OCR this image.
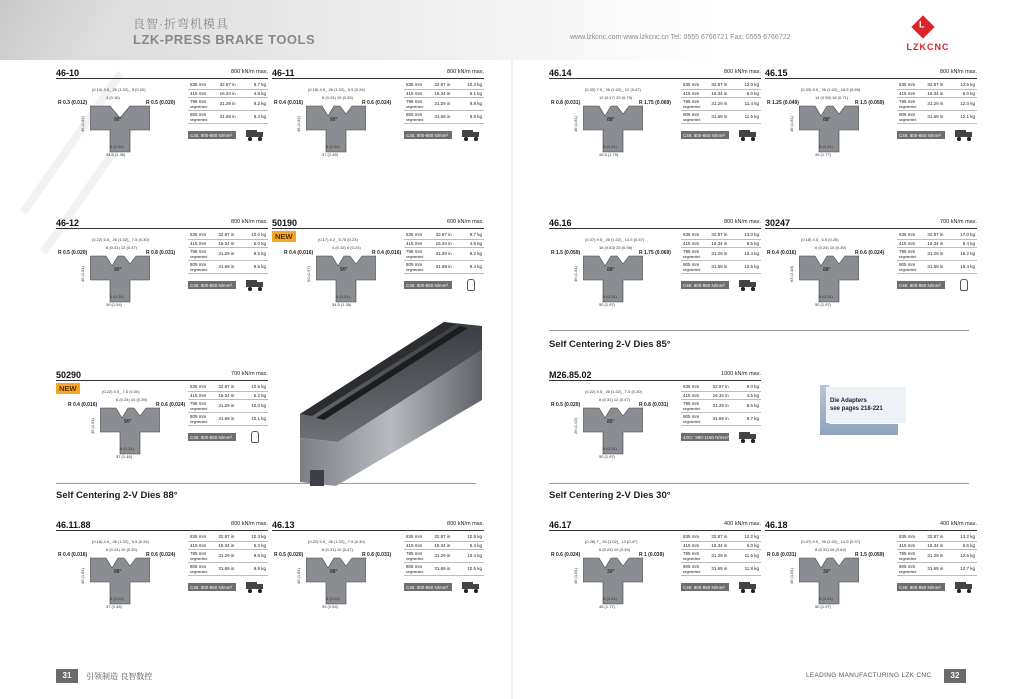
良智·折弯机模具
LZK-PRESS BRAKE TOOLS	www.lzkcnc.com www.lzkcnc.cn Tel: 0555 6766721 Fax: 0555 6766722
L
LZKCNC
46-10	800 kN/m max.
(0.14) 3.5_ 26 (1.02)_ 5 (0.20)
R 0.3 (0.012)	R 0.5 (0.020)
4 (0.16)
90°
46 (1.81)
6 (0.24)
34.5 (1.36)
835 mm	32.87 in	9.7 kg
415 mm	16.34 in	4.8 kg
795 mm
segmented	31.29 in	9.2 kg
805 mm
segmented	31.69 in	9.4 kg
C45: 800-850 N/mm²
46-11	800 kN/m max.
(0.18) 4.5_ 26 (1.02)_ 6.5 (0.26)
R 0.4 (0.016)	R 0.6 (0.024)
6 (0.24) 10 (0.39)
90°
46 (1.81)
6 (0.24)
37 (1.46)
835 mm	32.87 in	10.3 kg
415 mm	16.34 in	5.1 kg
795 mm
segmented	31.29 in	9.8 kg
805 mm
segmented	31.69 in	9.9 kg
C45: 800-850 N/mm²
46.14	800 kN/m max.
(0.30) 7.5_ 26 (1.02)_ 12 (0.47)
R 0.8 (0.031)	R 1.75 (0.069)
12 (0.47) 20 (0.79)
88°
46 (1.81)
6 (0.24)
45.5 (1.79)
835 mm	32.87 in	12.0 kg
415 mm	16.34 in	6.0 kg
795 mm
segmented	31.29 in	11.4 kg
805 mm
segmented	31.69 in	11.6 kg
C45: 800-850 N/mm²
46.15	800 kN/m max.
(0.33) 8.5_ 26 (1.02)_ 16.5 (0.65)
R 1.25 (0.049)	R 1.5 (0.059)
14 (0.55) 18 (0.71)
88°
46 (1.81)
6 (0.24)
45 (1.77)
835 mm	32.87 in	12.6 kg
415 mm	16.34 in	6.0 kg
795 mm
segmented	31.29 in	12.0 kg
805 mm
segmented	31.69 in	12.1 kg
C45: 800-850 N/mm²
46-12	800 kN/m max.
(0.22) 5.5_ 26 (1.02)_ 7.5 (0.30)
R 0.5 (0.020)	R 0.8 (0.031)
8 (0.31) 12 (0.47)
90°
46 (1.81)
6 (0.24)
39 (1.54)
835 mm	32.87 in	10.0 kg
415 mm	16.34 in	5.0 kg
795 mm
segmented	31.29 in	9.5 kg
805 mm
segmented	31.69 in	9.6 kg
C45: 800-850 N/mm²
50190	600 kN/m max.
NEW	(0.17) 4.2_ 5.75 (0.23)
R 0.4 (0.016)	R 0.4 (0.016)
4 (0.16) 6 (0.24)
90°
50 (1.97)
6 (0.24)
34.5 (1.36)
835 mm	32.87 in	9.7 kg
415 mm	16.34 in	4.8 kg
795 mm
segmented	31.29 in	9.2 kg
805 mm
segmented	31.69 in	9.4 kg
C45: 800-850 N/mm²
46.16	800 kN/m max.
(0.37) 9.5_ 26 (1.02)_ 14.5 (0.57)
R 1.5 (0.059)	R 1.75 (0.069)
16 (0.63) 25 (0.98)
88°
46 (1.81)
6 (0.24)
50 (1.97)
835 mm	32.87 in	13.0 kg
415 mm	16.34 in	6.5 kg
795 mm
segmented	31.29 in	12.4 kg
805 mm
segmented	31.69 in	12.5 kg
C45: 800-850 N/mm²
30247	700 kN/m max.
(0.18) 4.5_ 6.5 (0.26)
R 0.4 (0.016)	R 0.6 (0.024)
6 (0.24) 10 (0.39)
88°
63 (2.48)
6 (0.24)
50 (1.97)
835 mm	32.87 in	17.0 kg
415 mm	16.34 in	8.4 kg
795 mm
segmented	31.29 in	16.2 kg
805 mm
segmented	31.69 in	16.4 kg
C45: 800-850 N/mm²
50290	700 kN/m max.
NEW	(0.22) 5.5_ 7.5 (0.30)
R 0.4 (0.016)	R 0.6 (0.024)
6 (0.24) 10 (0.39)
90°
46 (1.81)
6 (0.24)
37 (1.46)
835 mm	32.87 in	10.5 kg
415 mm	16.34 in	5.2 kg
795 mm
segmented	31.29 in	10.0 kg
805 mm
segmented	31.69 in	10.1 kg
C45: 800-850 N/mm²
M26.85.02	1000 kN/m max.
(0.22) 5.5_ 26 (1.02)_ 7.5 (0.30)
R 0.5 (0.020)	R 0.8 (0.031)
8 (0.31) 12 (0.47)
85°
26 (1.02)
6 (0.24)
50 (1.97)
835 mm	32.87 in	9.0 kg
415 mm	16.34 in	4.5 kg
795 mm
segmented	31.29 in	8.6 kg
805 mm
segmented	31.69 in	8.7 kg
42Cr: 980-1150 N/mm²
46.11.88	800 kN/m max.
(0.18) 4.5_ 26 (1.02)_ 6.5 (0.26)
R 0.4 (0.016)	R 0.6 (0.024)
6 (0.24) 10 (0.39)
88°
46 (1.81)
6 (0.24)
37 (1.46)
835 mm	32.87 in	10.3 kg
415 mm	16.34 in	5.2 kg
795 mm
segmented	31.29 in	9.8 kg
805 mm
segmented	31.69 in	9.9 kg
C45: 800-850 N/mm²
46.13	800 kN/m max.
(0.22) 5.5_ 26 (1.02)_ 7.5 (0.30)
R 0.5 (0.020)	R 0.8 (0.031)
8 (0.31) 12 (0.47)
88°
46 (1.81)
6 (0.24)
39 (1.54)
835 mm	32.87 in	10.9 kg
415 mm	16.34 in	5.4 kg
795 mm
segmented	31.29 in	10.4 kg
805 mm
segmented	31.69 in	10.5 kg
C45: 800-850 N/mm²
46.17	400 kN/m max.
(0.28) 7_ 26 (1.02)_ 12 (0.47)
R 0.6 (0.024)	R 1 (0.039)
6 (0.24) 10 (0.39)
30°
46 (1.81)
6 (0.24)
45 (1.77)
835 mm	32.87 in	12.2 kg
415 mm	16.34 in	6.0 kg
795 mm
segmented	31.29 in	11.6 kg
805 mm
segmented	31.69 in	11.8 kg
C45: 800-850 N/mm²
46.18	400 kN/m max.
(0.37) 9.5_ 26 (1.02)_ 14.5 (0.57)
R 0.8 (0.031)	R 1.5 (0.059)
8 (0.31) 16 (0.63)
30°
46 (1.81)
6 (0.24)
50 (1.97)
835 mm	32.87 in	13.2 kg
415 mm	16.34 in	6.6 kg
795 mm
segmented	31.29 in	12.6 kg
805 mm
segmented	31.69 in	12.7 kg
C45: 800-850 N/mm²
Self Centering 2-V Dies 88°
Self Centering 2-V Dies 85°
Self Centering 2-V Dies 30°
Die Adapters
see pages 218-221
31	引领制造 良智数控	LEADING MANUFACTURING LZK CNC	32
